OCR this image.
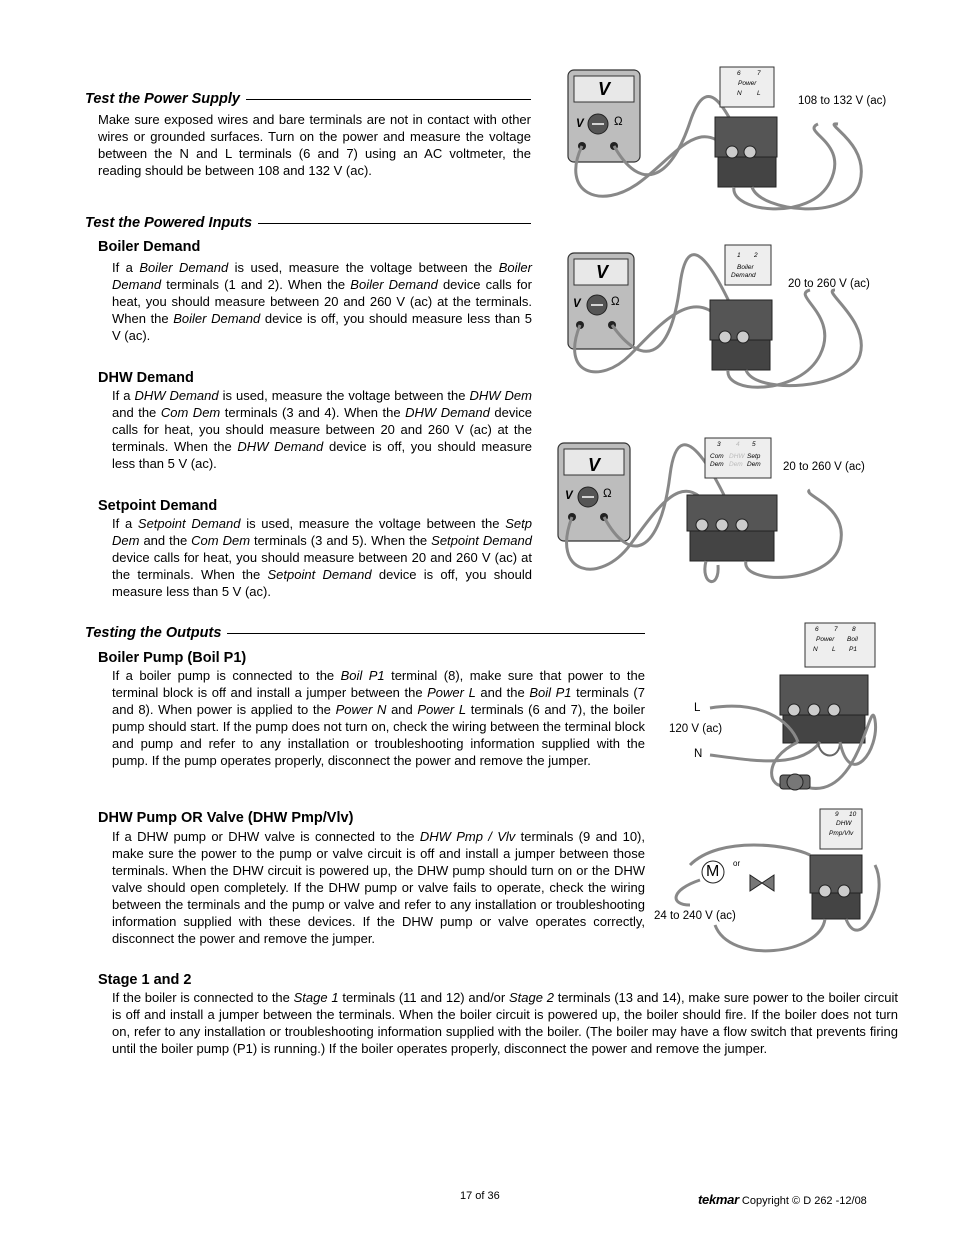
Test the Power Supply
Make sure exposed wires and bare terminals are not in contact with other wires or grounded surfaces. Turn on the power and measure the voltage between the N and L terminals (6 and 7) using an AC voltmeter, the reading should be between 108 and 132 V (ac).
Test the Powered Inputs
Boiler Demand
If a Boiler Demand is used, measure the voltage between the Boiler Demand terminals (1 and 2). When the Boiler Demand device calls for heat, you should measure between 20 and 260 V (ac) at the terminals. When the Boiler Demand device is off, you should measure less than 5 V (ac).
DHW Demand
If a DHW Demand is used, measure the voltage between the DHW Dem and the Com Dem terminals (3 and 4). When the DHW Demand device calls for heat, you should measure between 20 and 260 V (ac) at the terminals. When the DHW Demand device is off, you should measure less than 5 V (ac).
Setpoint Demand
If a Setpoint Demand is used, measure the voltage between the Setp Dem and the Com Dem terminals (3 and 5). When the Setpoint Demand device calls for heat, you should measure between 20 and 260 V (ac) at the terminals. When the Setpoint Demand device is off, you should measure less than 5 V (ac).
Testing the Outputs
Boiler Pump (Boil P1)
If a boiler pump is connected to the Boil P1 terminal (8), make sure that power to the terminal block is off and install a jumper between the Power L and the Boil P1 terminals (7 and 8). When power is applied to the Power N and Power L terminals (6 and 7), the boiler pump should start. If the pump does not turn on, check the wiring between the terminal block and pump and refer to any installation or troubleshooting information supplied with the pump. If the pump operates properly, disconnect the power and remove the jumper.
DHW Pump OR Valve (DHW Pmp/Vlv)
If a DHW pump or DHW valve is connected to the DHW Pmp / Vlv terminals (9 and 10), make sure the power to the pump or valve circuit is off and install a jumper between those terminals. When the DHW circuit is powered up, the DHW pump should turn on or the DHW valve should open completely. If the DHW pump or valve fails to operate, check the wiring between the terminals and the pump or valve and refer to any installation or troubleshooting information supplied with these devices. If the DHW pump or valve operates correctly, disconnect the power and remove the jumper.
Stage 1 and 2
If the boiler is connected to the Stage 1 terminals (11 and 12) and/or Stage 2 terminals (13 and 14), make sure power to the boiler circuit is off and install a jumper between the terminals. When the boiler circuit is powered up, the boiler should fire. If the boiler does not turn on, refer to any installation or troubleshooting information supplied with the boiler. (The boiler may have a flow switch that prevents firing until the boiler pump (P1) is running.) If the boiler operates properly, disconnect the power and remove the jumper.
V
V	Ω
6	7
Power
N L
108 to 132 V (ac)
V
V	Ω
1 2
Boiler
Demand
20 to 260 V (ac)
V
V	Ω
3 4 5
Com
Dem
DHW
Dem
Setp
Dem 20 to 260 V (ac)
6 7 8
Power Boil
N L P1
L
120 V (ac)
N
9 10
DHW
Pmp/Vlv
M or
24 to 240 V (ac)
17 of 36	tekmar Copyright © D 262 -12/08
